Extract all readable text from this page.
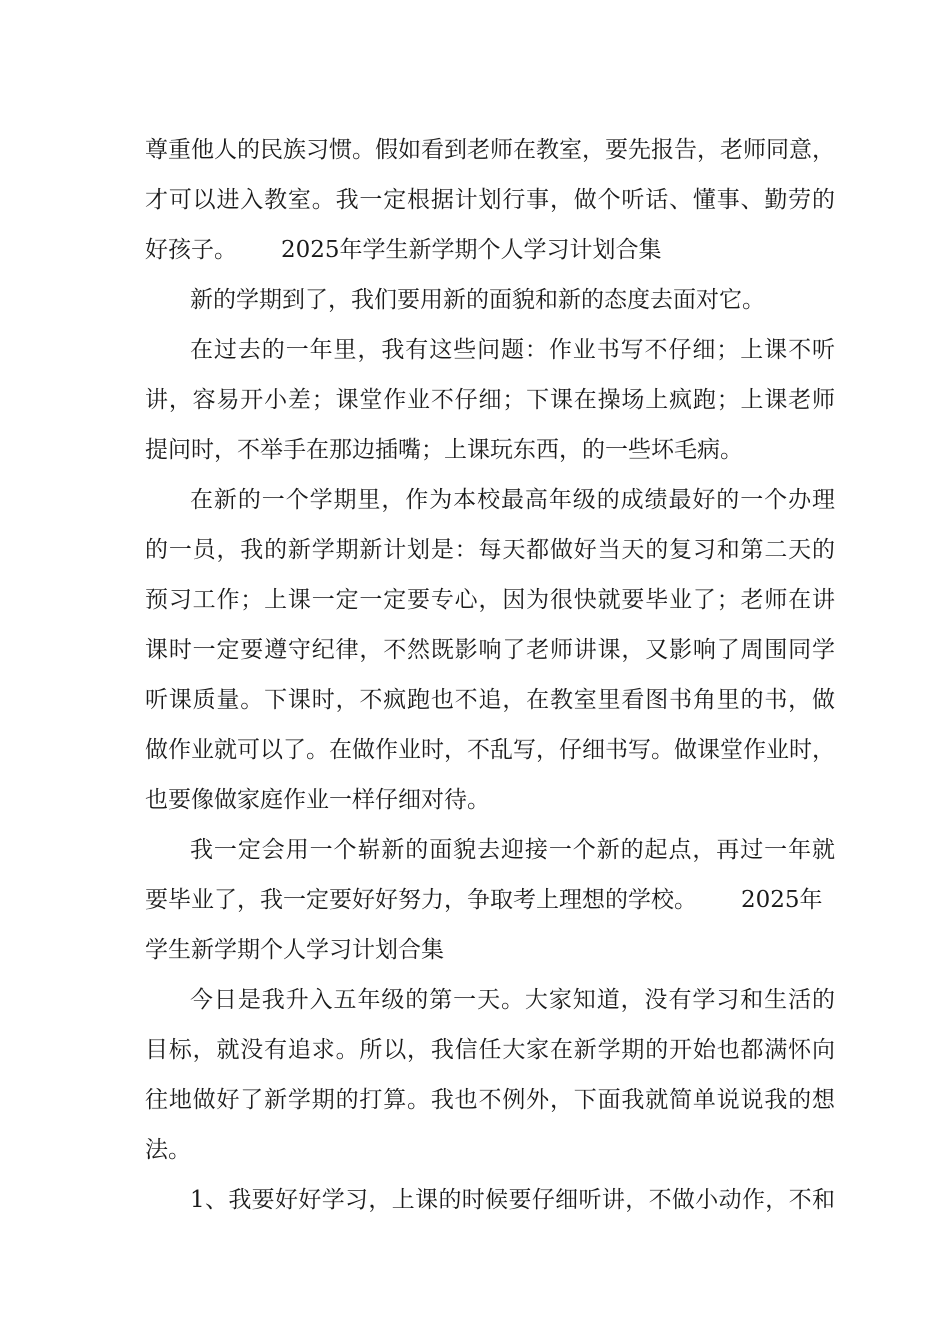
尊重他人的民族习惯。假如看到老师在教室，要先报告，老师同意，
才可以进入教室。我一定根据计划行事，做个听话、懂事、勤劳的
好孩子。 2025年学生新学期个人学习计划合集
新的学期到了，我们要用新的面貌和新的态度去面对它。
在过去的一年里，我有这些问题：作业书写不仔细；上课不听
讲，容易开小差；课堂作业不仔细；下课在操场上疯跑；上课老师
提问时，不举手在那边插嘴；上课玩东西，的一些坏毛病。
在新的一个学期里，作为本校最高年级的成绩最好的一个办理
的一员，我的新学期新计划是：每天都做好当天的复习和第二天的
预习工作；上课一定一定要专心，因为很快就要毕业了；老师在讲
课时一定要遵守纪律，不然既影响了老师讲课，又影响了周围同学
听课质量。下课时，不疯跑也不追，在教室里看图书角里的书，做
做作业就可以了。在做作业时，不乱写，仔细书写。做课堂作业时，
也要像做家庭作业一样仔细对待。
我一定会用一个崭新的面貌去迎接一个新的起点，再过一年就
要毕业了，我一定要好好努力，争取考上理想的学校。 2025年
学生新学期个人学习计划合集
今日是我升入五年级的第一天。大家知道，没有学习和生活的
目标，就没有追求。所以，我信任大家在新学期的开始也都满怀向
往地做好了新学期的打算。我也不例外，下面我就简单说说我的想
法。
1、我要好好学习，上课的时候要仔细听讲，不做小动作，不和
